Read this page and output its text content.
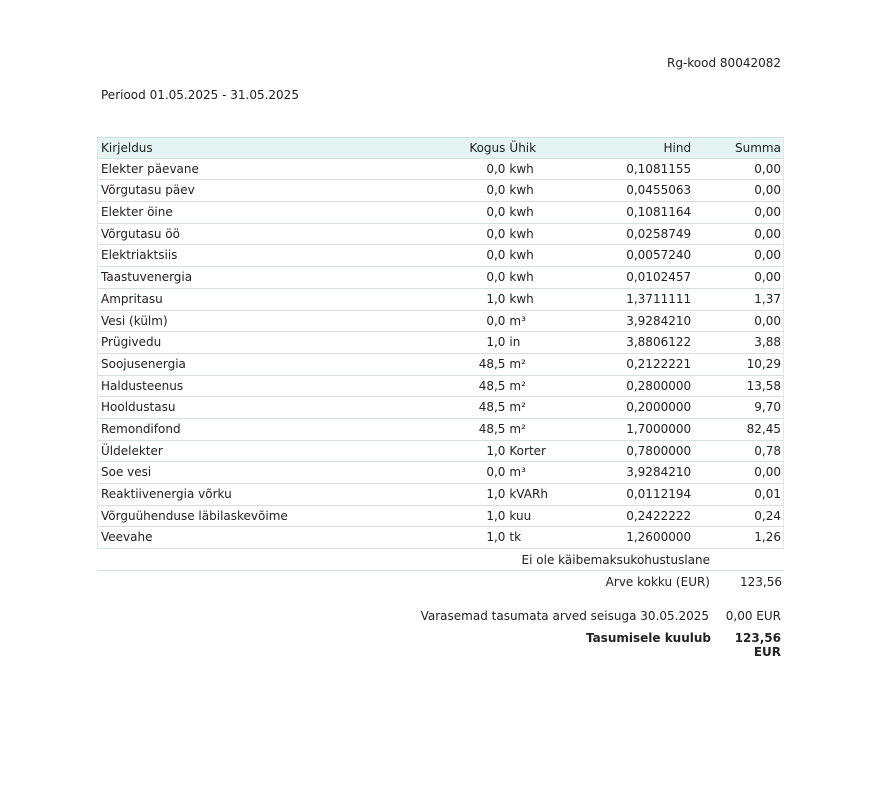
Rg-kood 80042082
Periood 01.05.2025 - 31.05.2025
Kirjeldus	Kogus Ühik	Hind	Summa
Elekter päevane	0,0 kwh	0,1081155	0,00
Võrgutasu päev	0,0 kwh	0,0455063	0,00
Elekter öine	0,0 kwh	0,1081164	0,00
Võrgutasu öö	0,0 kwh	0,0258749	0,00
Elektriaktsiis	0,0 kwh	0,0057240	0,00
Taastuvenergia	0,0 kwh	0,0102457	0,00
Ampritasu	1,0 kwh	1,3711111	1,37
Vesi (külm)	0,0 m³	3,9284210	0,00
Prügivedu	1,0 in	3,8806122	3,88
Soojusenergia	48,5 m²	0,2122221	10,29
Haldusteenus	48,5 m²	0,2800000	13,58
Hooldustasu	48,5 m²	0,2000000	9,70
Remondifond	48,5 m²	1,7000000	82,45
Üldelekter	1,0 Korter	0,7800000	0,78
Soe vesi	0,0 m³	3,9284210	0,00
Reaktiivenergia võrku	1,0 kVARh	0,0112194	0,01
Võrguühenduse läbilaskevõime	1,0 kuu	0,2422222	0,24
Veevahe	1,0 tk	1,2600000	1,26
Ei ole käibemaksukohustuslane
Arve kokku (EUR)	123,56
Varasemad tasumata arved seisuga 30.05.2025	0,00 EUR
Tasumisele kuulub	123,56 EUR
